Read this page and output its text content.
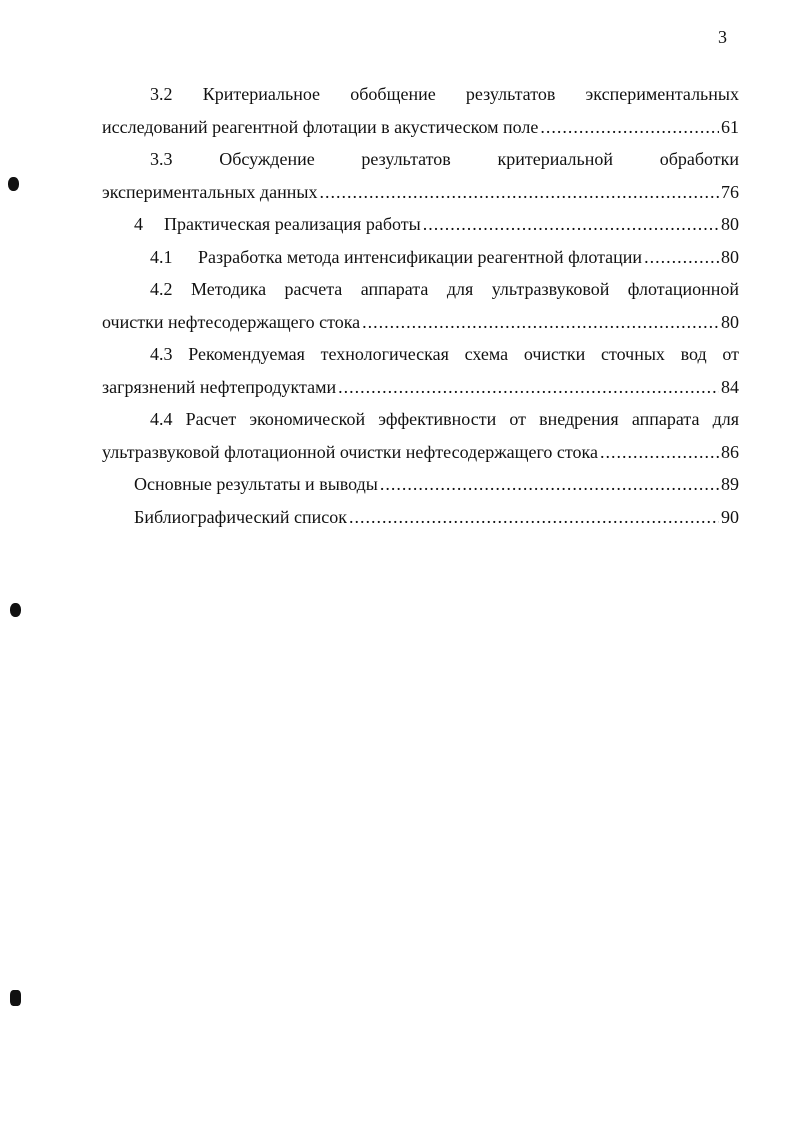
3
3.2 Критериальное обобщение результатов экспериментальных
исследований реагентной флотации в акустическом поле .....	61
3.3	Обсуждение результатов критериальной обработки
экспериментальных данных .....	76
4 Практическая реализация работы .....	80
4.1 Разработка метода интенсификации реагентной флотации .....	80
4.2 Методика расчета аппарата для ультразвуковой флотационной
очистки нефтесодержащего стока .....	80
4.3 Рекомендуемая технологическая схема очистки сточных вод от
загрязнений нефтепродуктами .....	84
4.4 Расчет экономической эффективности от внедрения аппарата для
ультразвуковой флотационной очистки нефтесодержащего стока .....	86
Основные результаты и выводы .....	89
Библиографический список .....	90
